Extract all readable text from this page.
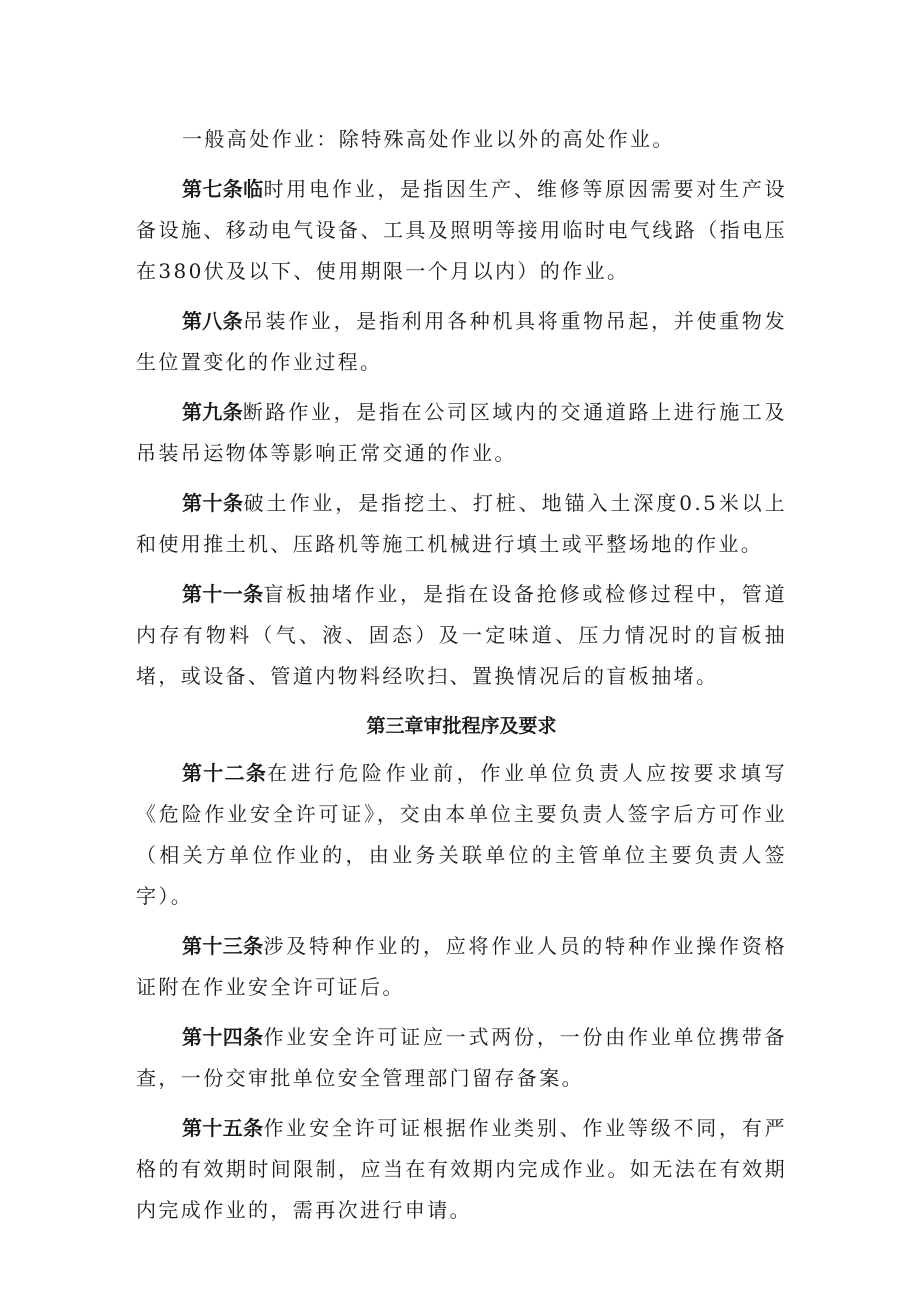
一般高处作业：除特殊高处作业以外的高处作业。

第七条临时用电作业，是指因生产、维修等原因需要对生产设备设施、移动电气设备、工具及照明等接用临时电气线路（指电压在380伏及以下、使用期限一个月以内）的作业。

第八条吊装作业，是指利用各种机具将重物吊起，并使重物发生位置变化的作业过程。

第九条断路作业，是指在公司区域内的交通道路上进行施工及吊装吊运物体等影响正常交通的作业。

第十条破土作业，是指挖土、打桩、地锚入土深度0.5米以上和使用推土机、压路机等施工机械进行填土或平整场地的作业。

第十一条盲板抽堵作业，是指在设备抢修或检修过程中，管道内存有物料（气、液、固态）及一定味道、压力情况时的盲板抽堵，或设备、管道内物料经吹扫、置换情况后的盲板抽堵。

第三章审批程序及要求

第十二条在进行危险作业前，作业单位负责人应按要求填写《危险作业安全许可证》，交由本单位主要负责人签字后方可作业（相关方单位作业的，由业务关联单位的主管单位主要负责人签字）。

第十三条涉及特种作业的，应将作业人员的特种作业操作资格证附在作业安全许可证后。

第十四条作业安全许可证应一式两份，一份由作业单位携带备查，一份交审批单位安全管理部门留存备案。

第十五条作业安全许可证根据作业类别、作业等级不同，有严格的有效期时间限制，应当在有效期内完成作业。如无法在有效期内完成作业的，需再次进行申请。
